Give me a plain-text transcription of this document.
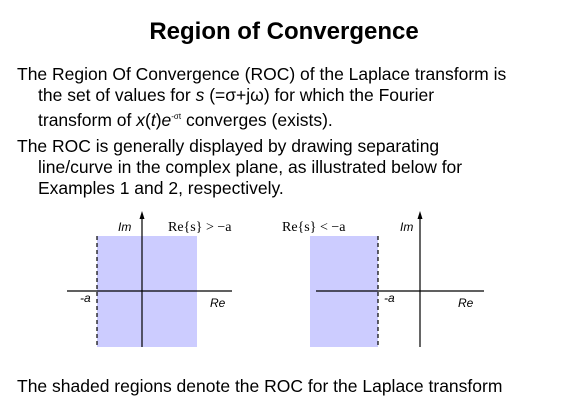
Region of Convergence
The Region Of Convergence (ROC) of the Laplace transform is
the set of values for s (=σ+jω) for which the Fourier
transform of $x(t)e^{-\sigma t}$ converges (exists).
The ROC is generally displayed by drawing separating
line/curve in the complex plane, as illustrated below for
Examples 1 and 2, respectively.
Im	Re{s} > −a
-a	Re
Re{s} < −a	Im
-a	Re
The shaded regions denote the ROC for the Laplace transform
